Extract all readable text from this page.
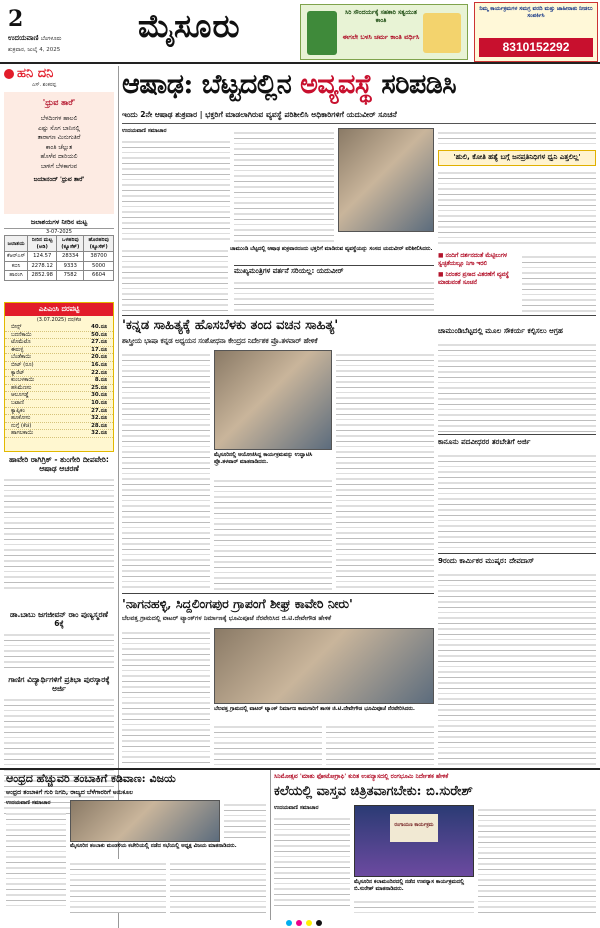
2
ಉದಯವಾಣಿ ಬೆಂಗಳೂರು
ಶುಕ್ರವಾರ, ಜುಲೈ 4, 2025
ಮೈಸೂರು	ಸಿರಿ ಸೌಂದರ್ಯಕ್ಕೆ ಸಹಕಾರಿ ಸತ್ವಯುತ ಕಾಂತಿ
ಈಗಲೇ ಬಳಸಿ ಚರ್ಮ ಕಾಂತಿ ವರ್ಧಿಸಿ
ನಿಮ್ಮ ಕಾರ್ಯಕ್ರಮಗಳ ಸಮಗ್ರ ವರದಿ ಮತ್ತು ಜಾಹೀರಾತು ನೀಡಲು ಸಂಪರ್ಕಿಸಿ
8310152292
ಹನಿ ದನಿ
ಎಸ್‌. ಶಂಕರಪ್ಪ
'ಧ್ರುವ ತಾರೆ'

ಬೆಳದಿಂಗಳ ಹಾಲಲಿ

ಎಷ್ಟು ಸೊಗ ಬಾನಿನಲ್ಲಿ

ತಾರಾಗಣ ಮಿನುಗುತಿರೆ

ಕಾಂತಿ ಚೆಲ್ಲುತ

ಹೊಳೆವ ದಾರಿಯಲಿ

ಬಾಳಿಗೆ ಬೆಳಕಾಗುವ

ಜಯಾನಂದ್ 'ಧ್ರುವ ತಾರೆ'
ಜಲಾಶಯಗಳ ನೀರಿನ ಮಟ್ಟ
3-07-2025
ಜಲಾಶಯ	ನೀರಿನ ಮಟ್ಟ (ಅಡಿ)	ಒಳಹರಿವು (ಕ್ಯೂಸೆಕ್)	ಹೊರಹರಿವು (ಕ್ಯೂಸೆಕ್)
ಕೆಆರ್‌ಎಸ್	124.57	28334	38700
ಕಬಿನಿ	2278.12	9333	5000
ಹಾರಂಗಿ	2852.98	7582	6604
ಎಪಿಎಂಸಿ ದರಪಟ್ಟಿ
(3.07.2025) ದರ/ಕೆಜಿ
ಬೀನ್ಸ್	40.ರೂ
ಬದನೆಕಾಯಿ	50.ರೂ
ಟೊಮೆಟೊ	27.ರೂ
ಈರುಳ್ಳಿ	17.ರೂ
ಬೆಂಡೆಕಾಯಿ	20.ರೂ
ಬೀಟ್ (ರೂ)	16.ರೂ
ಕ್ಯಾರೆಟ್	22.ರೂ
ಕುಂಬಳಕಾಯಿ	8.ರೂ
ಹಸಿಮೆಣಸು	25.ರೂ
ಆಲೂಗಡ್ಡೆ	30.ರೂ
ಬಟಾಣಿ	10.ರೂ
ಕ್ಯಾಪ್ಸಿಕಂ	27.ರೂ
ಹೂಕೋಸು	32.ರೂ
ನುಗ್ಗೆ (ಕೆಜಿ)	28.ರೂ
ಹಾಗಲಕಾಯಿ	32.ರೂ
ಹಾವೇರಿ ರಾಗಿಗ್ರಿಕ್ - ತುಂಗೇರಿ ದೀಪವೇರಿ: ಆಷಾಢ ಆಚರಣೆ
ಡಾ.ಬಾಬು ಜಗಜೀವನ್ ರಾಂ ಪುಣ್ಯಸ್ಮರಣೆ 6ಕ್ಕೆ
ಗಾಣಿಗ ವಿದ್ಯಾರ್ಥಿಗಳಿಗೆ ಪ್ರತಿಭಾ ಪುರಸ್ಕಾರಕ್ಕೆ ಅರ್ಜಿ
ಆಷಾಢ: ಬೆಟ್ಟದಲ್ಲಿನ ಅವ್ಯವಸ್ಥೆ ಸರಿಪಡಿಸಿ
ಇಂದು 2ನೇ ಆಷಾಢ ಶುಕ್ರವಾರ | ಭಕ್ತರಿಗೆ ಮಾಡಲಾಗಿರುವ ವ್ಯವಸ್ಥೆ ಪರಿಶೀಲಿಸಿ ಅಧಿಕಾರಿಗಳಿಗೆ ಯದುವೀರ್‌ ಸೂಚನೆ
ಉದಯವಾಣಿ ಸಮಾಚಾರ
'ಹುಲಿ, ಕೋತಿ ಹತ್ಯೆ ಬಗ್ಗೆ ಜನಪ್ರತಿನಿಧಿಗಳ ಧ್ವನಿ ಎತ್ತಲಿಲ್ಲ'
ಚಾಮುಂಡಿ ಬೆಟ್ಟದಲ್ಲಿ ಆಷಾಢ ಶುಕ್ರವಾರದಂದು ಭಕ್ತರಿಗೆ ಮಾಡಿರುವ ವ್ಯವಸ್ಥೆಯನ್ನು ಸಂಸದ ಯದುವೀರ್‌ ಪರಿಶೀಲಿಸಿದರು.
ಮುಖ್ಯಮಂತ್ರಿಗಳ ವರ್ತನೆ ಸರಿಯಲ್ಲ: ಯದುವೀರ್
■ ನಂದಿಗೆ ದರ್ಶನದಂತೆ ಮೆಟ್ಟಿಲುಗಳ ಸ್ವಚ್ಛತೆಯಲ್ಲೂ ನಿಗಾ ಇರಲಿ
■ ನಿರಂತರ ಪ್ರಸಾದ ವಿತರಣೆಗೆ ವ್ಯವಸ್ಥೆ ಮಾಡುವಂತೆ ಸೂಚನೆ
'ಕನ್ನಡ ಸಾಹಿತ್ಯಕ್ಕೆ ಹೊಸಬೆಳಕು ತಂದ ವಚನ ಸಾಹಿತ್ಯ'
ಶಾಸ್ತ್ರೀಯ ಭಾಷಾ ಕನ್ನಡ ಅಧ್ಯಯನ ಸಂಶೋಧನಾ ಕೇಂದ್ರದ ನಿರ್ದೇಶಕ ಪ್ರೊ.ತಳವಾರ್‌ ಹೇಳಿಕೆ
ಮೈಸೂರಿನಲ್ಲಿ ಆಯೋಜಿಸಿದ್ದ ಕಾರ್ಯಕ್ರಮವನ್ನು ಉದ್ಘಾಟಿಸಿ ಪ್ರೊ.ತಳವಾರ್‌ ಮಾತನಾಡಿದರು.
ಚಾಮುಂಡಿಬೆಟ್ಟದಲ್ಲಿ ಮೂಲ ಸೌಕರ್ಯ ಕಲ್ಪಿಸಲು ಆಗ್ರಹ
ಕಾನೂನು ಪದವೀಧರರ ತರಬೇತಿಗೆ ಅರ್ಜಿ
9ರಂದು ಕಾರ್ಮಿಕರ ಮುಷ್ಕರ: ದೇವದಾಸ್‌
'ನಾಗನಹಳ್ಳಿ, ಸಿದ್ದಲಿಂಗಪುರ ಗ್ರಾಪಂಗೆ ಶೀಘ್ರ ಕಾವೇರಿ ನೀರು'
ಬೆಲವತ್ತ ಗ್ರಾಮದಲ್ಲಿ ವಾಟರ್ ಟ್ಯಾಂಕ್‌ಗಳ ನಿರ್ಮಾಣಕ್ಕೆ ಭೂಮಿಪೂಜೆ ನೆರವೇರಿಸಿದ ಜಿ.ಟಿ.ದೇವೇಗೌಡ ಹೇಳಿಕೆ
ಬೆಲವತ್ತ ಗ್ರಾಮದಲ್ಲಿ ವಾಟರ್ ಟ್ಯಾಂಕ್ ನಿರ್ಮಾಣ ಕಾಮಗಾರಿಗೆ ಶಾಸಕ ಜಿ.ಟಿ.ದೇವೇಗೌಡ ಭೂಮಿಪೂಜೆ ನೆರವೇರಿಸಿದರು.
ಆಂಧ್ರದ ಹೆಚ್ಚುವರಿ ತಂಬಾಕಿಗೆ ಕಡಿವಾಣ: ವಿಜಯ
ಆಂಧ್ರದ ತಂಬಾಕಿಗೆ ಗುರಿ ನಿಗದಿ, ರಾಜ್ಯದ ಬೆಳೆಗಾರರಿಗೆ ಅನುಕೂಲ
ಉದಯವಾಣಿ ಸಮಾಚಾರ
ಮೈಸೂರಿನ ತಂಬಾಕು ಮಂಡಳಿಯ ಕಚೇರಿಯಲ್ಲಿ ನಡೆದ ಸಭೆಯಲ್ಲಿ ಅಧ್ಯಕ್ಷ ವಿಜಯ ಮಾತನಾಡಿದರು.
ಸಿನಿಮೋತ್ಸವ 'ಮಾತು ಫೋಟೋಗ್ರಾಫಿ' ಕುರಿತ ಉಪನ್ಯಾಸದಲ್ಲಿ ರಂಗಭೂಮಿ ನಿರ್ದೇಶಕ ಹೇಳಿಕೆ
ಕಲೆಯಲ್ಲಿ ವಾಸ್ತವ ಚಿತ್ರಿತವಾಗಬೇಕು: ಬಿ.ಸುರೇಶ್
ಉದಯವಾಣಿ ಸಮಾಚಾರ
ರಂಗಾಯಣ ಕಾರ್ಯಕ್ರಮ
ಮೈಸೂರಿನ ಕಲಾಮಂದಿರದಲ್ಲಿ ನಡೆದ ಉಪನ್ಯಾಸ ಕಾರ್ಯಕ್ರಮದಲ್ಲಿ ಬಿ.ಸುರೇಶ್ ಮಾತನಾಡಿದರು.
